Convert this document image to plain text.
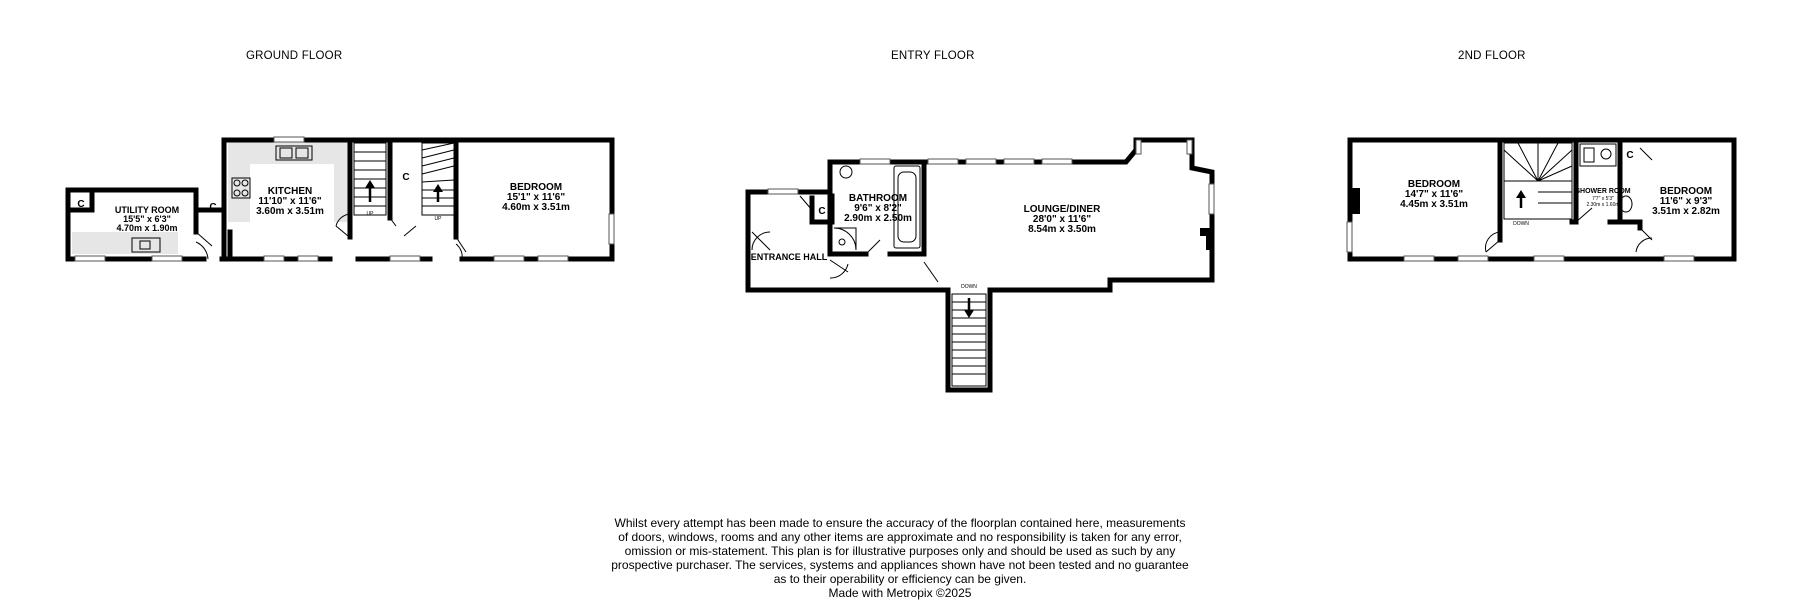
GROUND FLOOR	ENTRY FLOOR	2ND FLOOR
C	C
C
UP
UP
UTILITY ROOM
15'5" x 6'3"
4.70m x 1.90m
KITCHEN
11'10" x 11'6"
3.60m x 3.51m
BEDROOM
15'1" x 11'6"
4.60m x 3.51m	C
DOWN
BATHROOM
9'6" x 8'2"
2.90m x 2.50m
ENTRANCE HALL
LOUNGE/DINER
28'0" x 11'6"
8.54m x 3.50m
C
DOWN
BEDROOM
14'7" x 11'6"
4.45m x 3.51m
SHOWER ROOM
7'7" x 5'3"
2.30m x 1.60m
BEDROOM
11'6" x 9'3"
3.51m x 2.82m
Whilst every attempt has been made to ensure the accuracy of the floorplan contained here, measurements
of doors, windows, rooms and any other items are approximate and no responsibility is taken for any error,
omission or mis-statement. This plan is for illustrative purposes only and should be used as such by any
prospective purchaser. The services, systems and appliances shown have not been tested and no guarantee
as to their operability or efficiency can be given.
Made with Metropix ©2025
